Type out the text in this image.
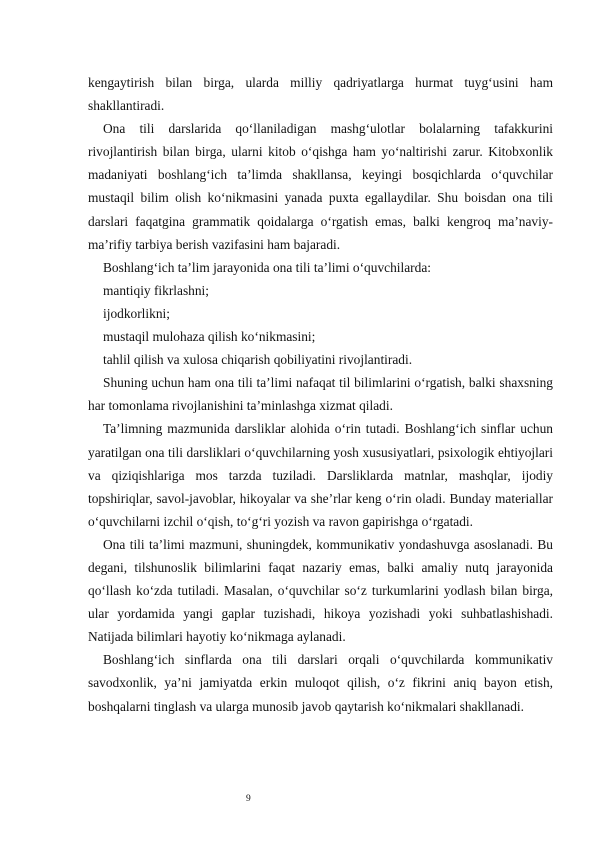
kengaytirish bilan birga, ularda milliy qadriyatlarga hurmat tuyg‘usini ham shakllantiradi.

Ona tili darslarida qo‘llaniladigan mashg‘ulotlar bolalarning tafakkurini rivojlantirish bilan birga, ularni kitob o‘qishga ham yo‘naltirishi zarur. Kitobxonlik madaniyati boshlang‘ich ta’limda shakllansa, keyingi bosqichlarda o‘quvchilar mustaqil bilim olish ko‘nikmasini yanada puxta egallaydilar. Shu boisdan ona tili darslari faqatgina grammatik qoidalarga o‘rgatish emas, balki kengroq ma’naviy-ma’rifiy tarbiya berish vazifasini ham bajaradi.

Boshlang‘ich ta’lim jarayonida ona tili ta’limi o‘quvchilarda:

mantiqiy fikrlashni;

ijodkorlikni;

mustaqil mulohaza qilish ko‘nikmasini;

tahlil qilish va xulosa chiqarish qobiliyatini rivojlantiradi.

Shuning uchun ham ona tili ta’limi nafaqat til bilimlarini o‘rgatish, balki shaxsning har tomonlama rivojlanishini ta’minlashga xizmat qiladi.

Ta’limning mazmunida darsliklar alohida o‘rin tutadi. Boshlang‘ich sinflar uchun yaratilgan ona tili darsliklari o‘quvchilarning yosh xususiyatlari, psixologik ehtiyojlari va qiziqishlariga mos tarzda tuziladi. Darsliklarda matnlar, mashqlar, ijodiy topshiriqlar, savol-javoblar, hikoyalar va she’rlar keng o‘rin oladi. Bunday materiallar o‘quvchilarni izchil o‘qish, to‘g‘ri yozish va ravon gapirishga o‘rgatadi.

Ona tili ta’limi mazmuni, shuningdek, kommunikativ yondashuvga asoslanadi. Bu degani, tilshunoslik bilimlarini faqat nazariy emas, balki amaliy nutq jarayonida qo‘llash ko‘zda tutiladi. Masalan, o‘quvchilar so‘z turkumlarini yodlash bilan birga, ular yordamida yangi gaplar tuzishadi, hikoya yozishadi yoki suhbatlashishadi. Natijada bilimlari hayotiy ko‘nikmaga aylanadi.

Boshlang‘ich sinflarda ona tili darslari orqali o‘quvchilarda kommunikativ savodxonlik, ya’ni jamiyatda erkin muloqot qilish, o‘z fikrini aniq bayon etish, boshqalarni tinglash va ularga munosib javob qaytarish ko‘nikmalari shakllanadi.

9
